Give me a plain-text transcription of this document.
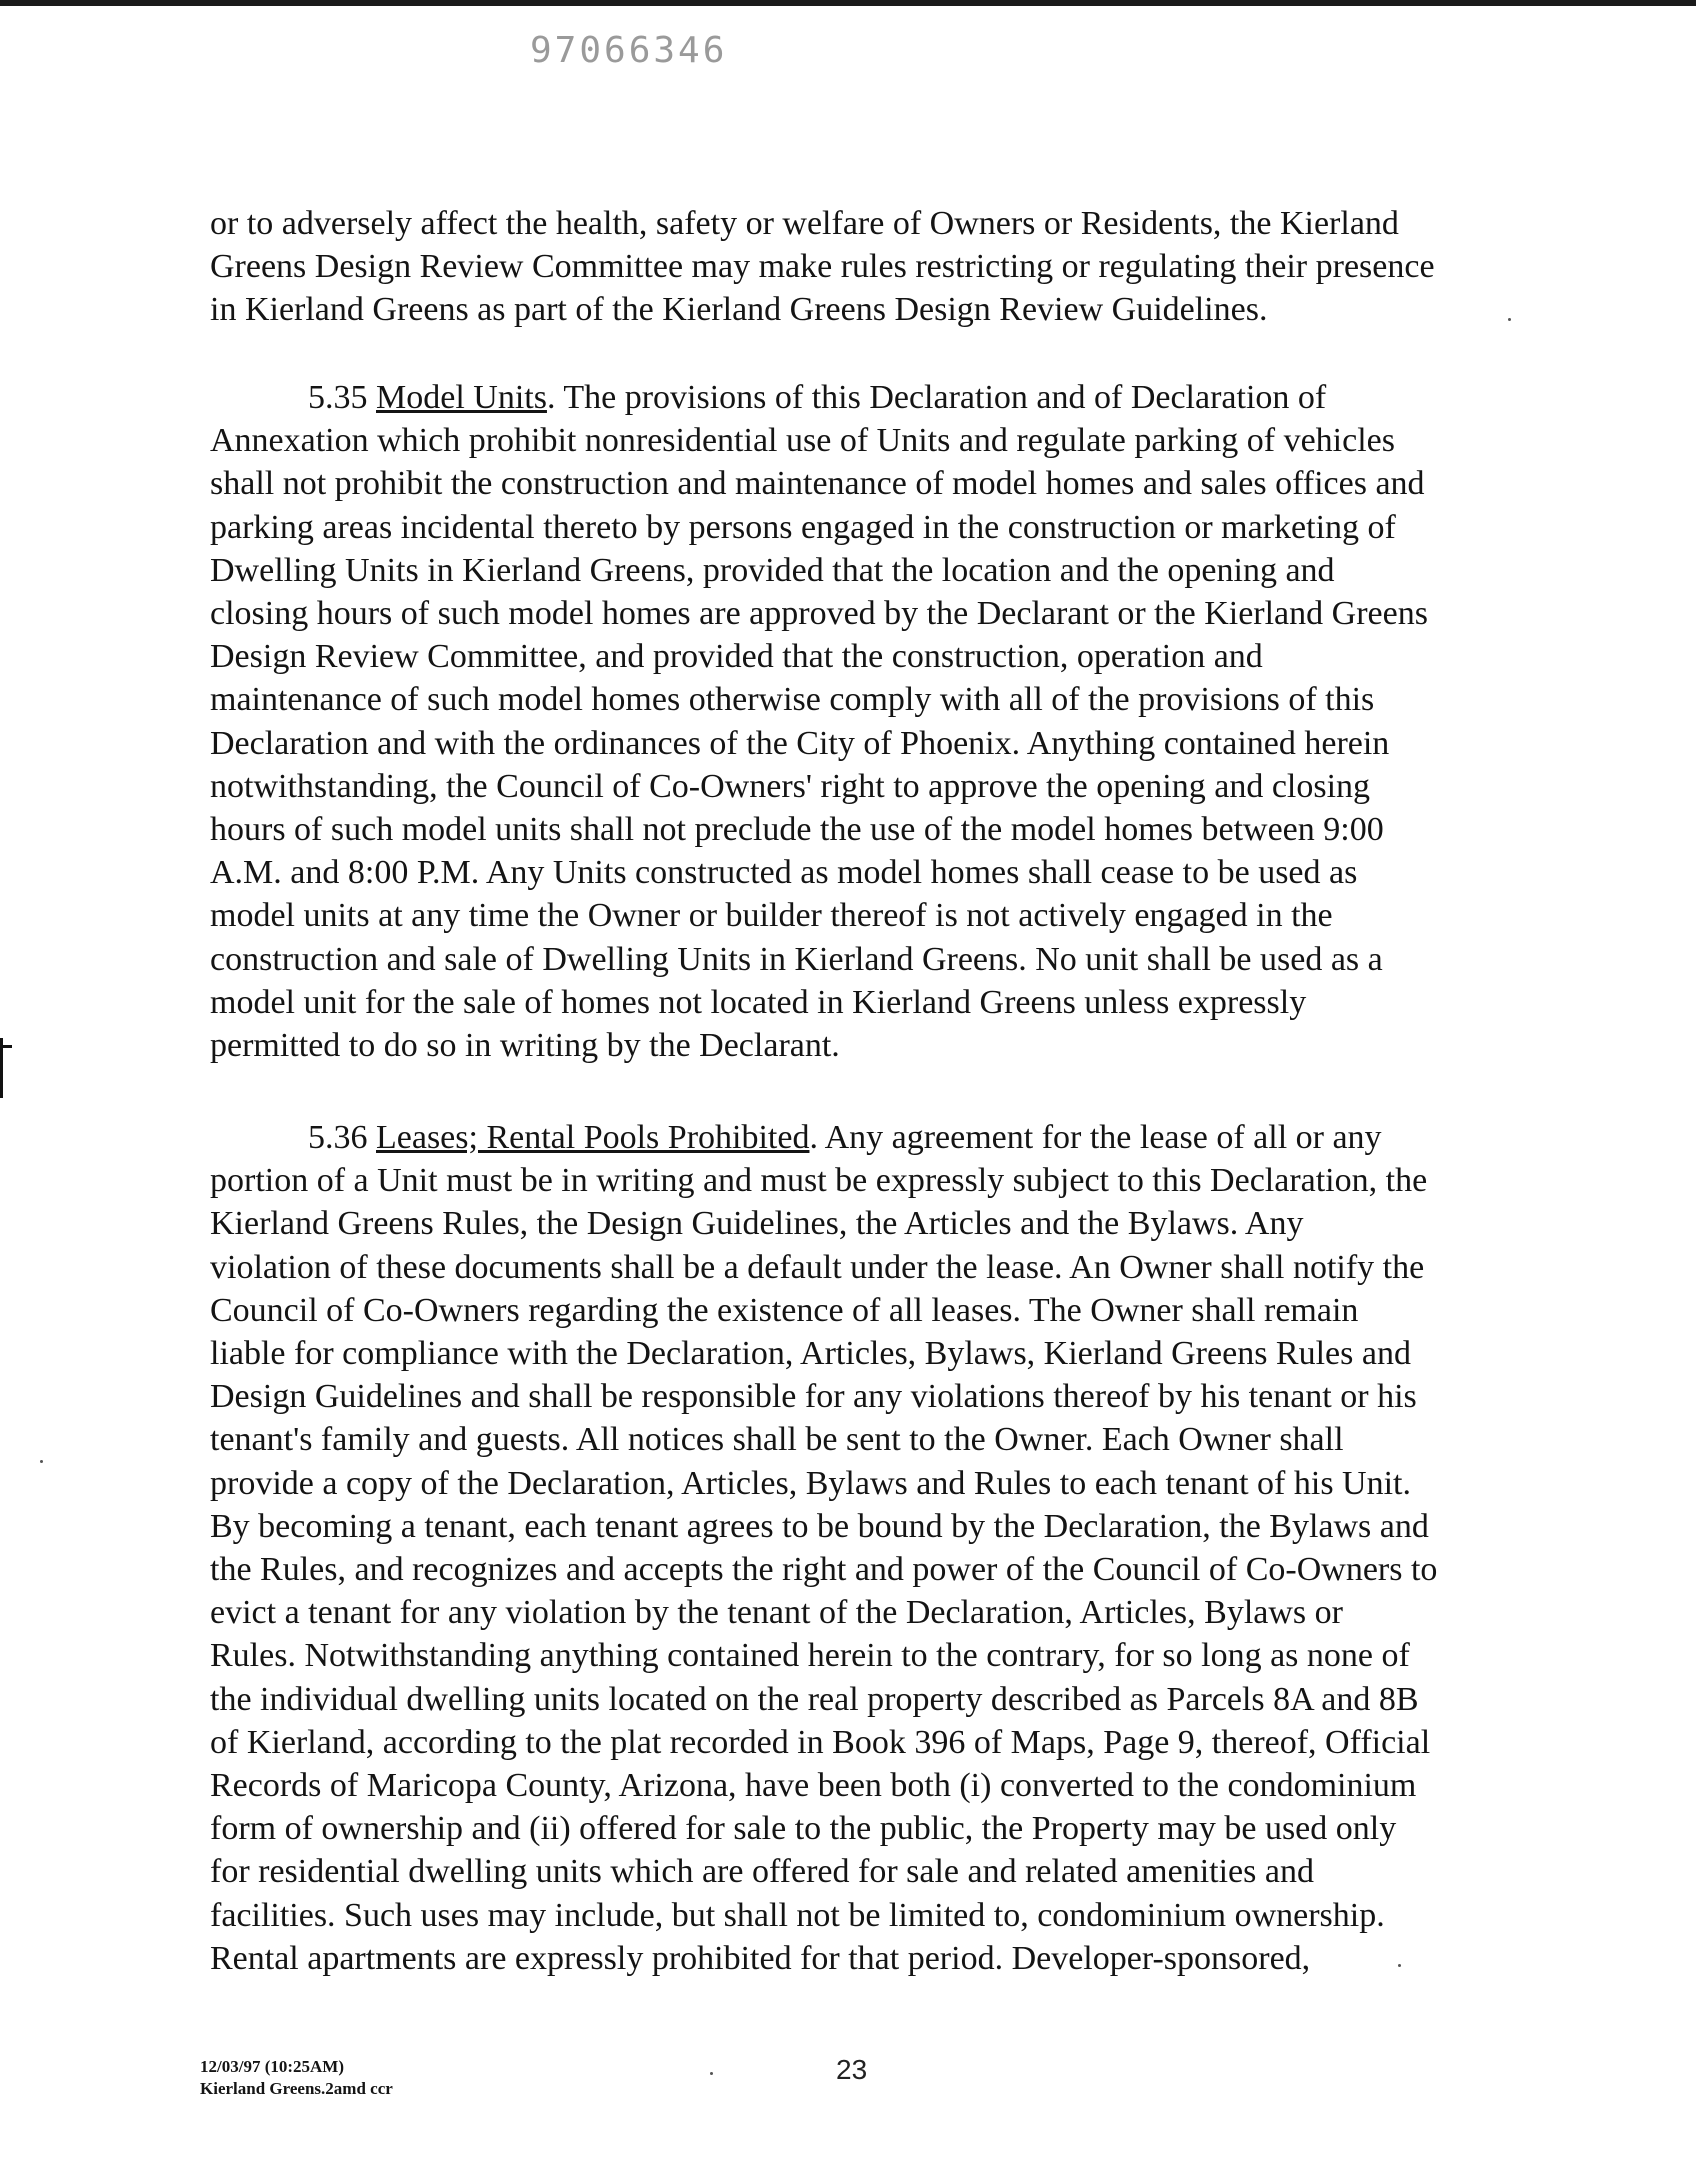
97066346
or to adversely affect the health, safety or welfare of Owners or Residents, the Kierland
Greens Design Review Committee may make rules restricting or regulating their presence
in Kierland Greens as part of the Kierland Greens Design Review Guidelines.
5.35 Model Units. The provisions of this Declaration and of Declaration of
Annexation which prohibit nonresidential use of Units and regulate parking of vehicles
shall not prohibit the construction and maintenance of model homes and sales offices and
parking areas incidental thereto by persons engaged in the construction or marketing of
Dwelling Units in Kierland Greens, provided that the location and the opening and
closing hours of such model homes are approved by the Declarant or the Kierland Greens
Design Review Committee, and provided that the construction, operation and
maintenance of such model homes otherwise comply with all of the provisions of this
Declaration and with the ordinances of the City of Phoenix. Anything contained herein
notwithstanding, the Council of Co-Owners' right to approve the opening and closing
hours of such model units shall not preclude the use of the model homes between 9:00
A.M. and 8:00 P.M. Any Units constructed as model homes shall cease to be used as
model units at any time the Owner or builder thereof is not actively engaged in the
construction and sale of Dwelling Units in Kierland Greens. No unit shall be used as a
model unit for the sale of homes not located in Kierland Greens unless expressly
permitted to do so in writing by the Declarant.
5.36 Leases; Rental Pools Prohibited. Any agreement for the lease of all or any
portion of a Unit must be in writing and must be expressly subject to this Declaration, the
Kierland Greens Rules, the Design Guidelines, the Articles and the Bylaws. Any
violation of these documents shall be a default under the lease. An Owner shall notify the
Council of Co-Owners regarding the existence of all leases. The Owner shall remain
liable for compliance with the Declaration, Articles, Bylaws, Kierland Greens Rules and
Design Guidelines and shall be responsible for any violations thereof by his tenant or his
tenant's family and guests. All notices shall be sent to the Owner. Each Owner shall
provide a copy of the Declaration, Articles, Bylaws and Rules to each tenant of his Unit.
By becoming a tenant, each tenant agrees to be bound by the Declaration, the Bylaws and
the Rules, and recognizes and accepts the right and power of the Council of Co-Owners to
evict a tenant for any violation by the tenant of the Declaration, Articles, Bylaws or
Rules. Notwithstanding anything contained herein to the contrary, for so long as none of
the individual dwelling units located on the real property described as Parcels 8A and 8B
of Kierland, according to the plat recorded in Book 396 of Maps, Page 9, thereof, Official
Records of Maricopa County, Arizona, have been both (i) converted to the condominium
form of ownership and (ii) offered for sale to the public, the Property may be used only
for residential dwelling units which are offered for sale and related amenities and
facilities. Such uses may include, but shall not be limited to, condominium ownership.
Rental apartments are expressly prohibited for that period. Developer-sponsored,
12/03/97 (10:25AM)
Kierland Greens.2amd ccr
23
